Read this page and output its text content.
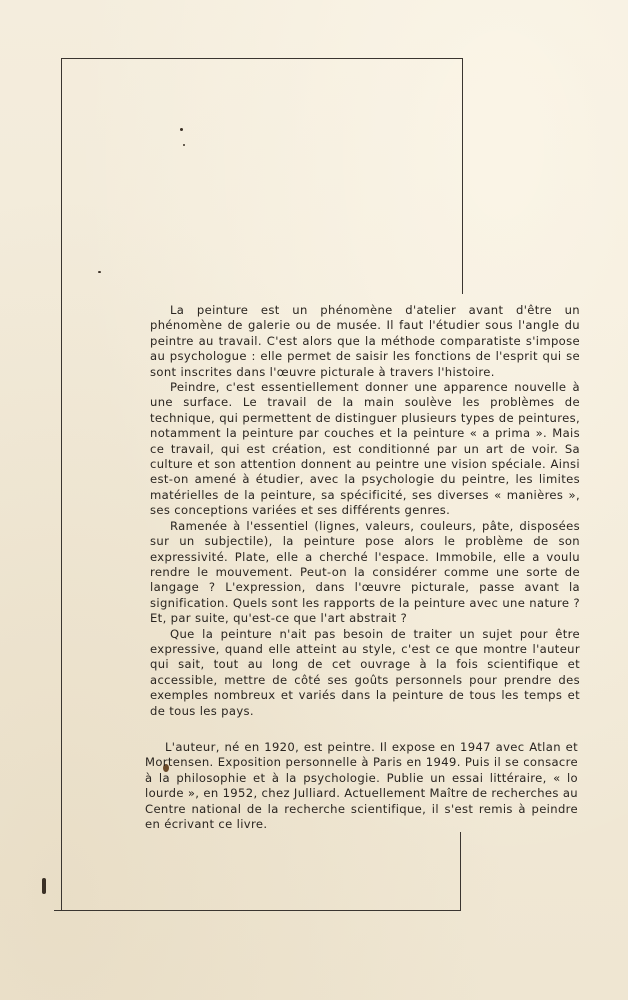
La peinture est un phénomène d'atelier avant d'être un phénomène de galerie ou de musée. Il faut l'étudier sous l'angle du peintre au travail. C'est alors que la méthode comparatiste s'impose au psychologue : elle permet de saisir les fonctions de l'esprit qui se sont inscrites dans l'œuvre picturale à travers l'histoire.

Peindre, c'est essentiellement donner une apparence nouvelle à une surface. Le travail de la main soulève les problèmes de technique, qui permettent de distinguer plusieurs types de peintures, notamment la peinture par couches et la peinture « a prima ». Mais ce travail, qui est création, est conditionné par un art de voir. Sa culture et son attention donnent au peintre une vision spéciale. Ainsi est-on amené à étudier, avec la psychologie du peintre, les limites matérielles de la peinture, sa spécificité, ses diverses « manières », ses conceptions variées et ses différents genres.

Ramenée à l'essentiel (lignes, valeurs, couleurs, pâte, disposées sur un subjectile), la peinture pose alors le problème de son expressivité. Plate, elle a cherché l'espace. Immobile, elle a voulu rendre le mouvement. Peut-on la considérer comme une sorte de langage ? L'expression, dans l'œuvre picturale, passe avant la signification. Quels sont les rapports de la peinture avec une nature ? Et, par suite, qu'est-ce que l'art abstrait ?

Que la peinture n'ait pas besoin de traiter un sujet pour être expressive, quand elle atteint au style, c'est ce que montre l'auteur qui sait, tout au long de cet ouvrage à la fois scientifique et accessible, mettre de côté ses goûts personnels pour prendre des exemples nombreux et variés dans la peinture de tous les temps et de tous les pays.

L'auteur, né en 1920, est peintre. Il expose en 1947 avec Atlan et Mortensen. Exposition personnelle à Paris en 1949. Puis il se consacre à la philosophie et à la psychologie. Publie un essai littéraire, « lo lourde », en 1952, chez Julliard. Actuellement Maître de recherches au Centre national de la recherche scientifique, il s'est remis à peindre en écrivant ce livre.
